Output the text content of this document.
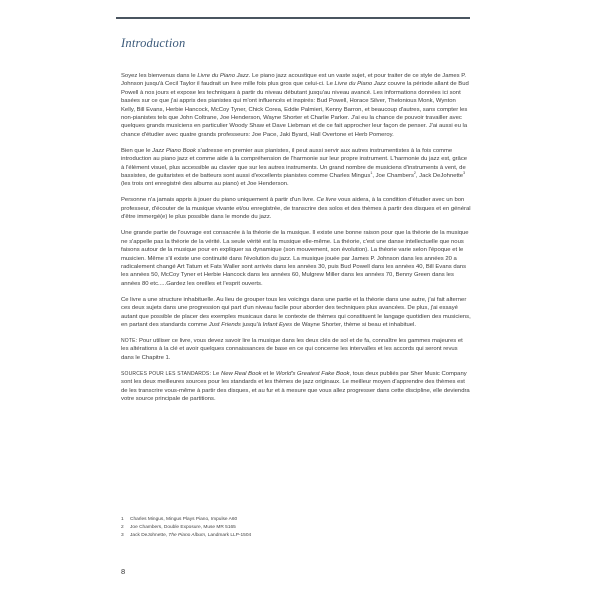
Introduction

Soyez les bienvenus dans le Livre du Piano Jazz. Le piano jazz acoustique est un vaste sujet, et pour traiter de ce style de James P. Johnson jusqu'à Cecil Taylor il faudrait un livre mille fois plus gros que celui-ci. Le Livre du Piano Jazz couvre la période allant de Bud Powell à nos jours et expose les techniques à partir du niveau débutant jusqu'au niveau avancé. Les informations données ici sont basées sur ce que j'ai appris des pianistes qui m'ont influencés et inspirés: Bud Powell, Horace Silver, Thelonious Monk, Wynton Kelly, Bill Evans, Herbie Hancock, McCoy Tyner, Chick Corea, Eddie Palmieri, Kenny Barron, et beaucoup d'autres, sans compter les non-pianistes tels que John Coltrane, Joe Henderson, Wayne Shorter et Charlie Parker. J'ai eu la chance de pouvoir travailler avec quelques grands musiciens en particulier Woody Shaw et Dave Liebman et de ce fait approcher leur façon de penser. J'ai aussi eu la chance d'étudier avec quatre grands professeurs: Joe Pace, Jaki Byard, Hall Overtone et Herb Pomeroy.

Bien que le Jazz Piano Book s'adresse en premier aux pianistes, il peut aussi servir aux autres instrumentistes à la fois comme introduction au piano jazz et comme aide à la compréhension de l'harmonie sur leur propre instrument. L'harmonie du jazz est, grâce à l'élément visuel, plus accessible au clavier que sur les autres instruments. Un grand nombre de musiciens d'instruments à vent, de bassistes, de guitaristes et de batteurs sont aussi d'excellents pianistes comme Charles Mingus$^1$, Joe Chambers$^2$, Jack DeJohnette$^3$ (les trois ont enregistré des albums au piano) et Joe Henderson.

Personne n'a jamais appris à jouer du piano uniquement à partir d'un livre. Ce livre vous aidera, à la condition d'étudier avec un bon professeur, d'écouter de la musique vivante et/ou enregistrée, de transcrire des solos et des thèmes à partir des disques et en général d'être immergé(e) le plus possible dans le monde du jazz.

Une grande partie de l'ouvrage est consacrée à la théorie de la musique. Il existe une bonne raison pour que la théorie de la musique ne s'appelle pas la théorie de la vérité. La seule vérité est la musique elle-même. La théorie, c'est une danse intellectuelle que nous faisons autour de la musique pour en expliquer sa dynamique (son mouvement, son évolution). La théorie varie selon l'époque et le musicien. Même s'il existe une continuité dans l'évolution du jazz. La musique jouée par James P. Johnson dans les années 20 a radicalement changé Art Tatum et Fats Waller sont arrivés dans les années 30, puis Bud Powell dans les années 40, Bill Evans dans les années 50, McCoy Tyner et Herbie Hancock dans les années 60, Mulgrew Miller dans les années 70, Benny Green dans les années 80 etc.....Gardez les oreilles et l'esprit ouverts.

Ce livre a une structure inhabituelle. Au lieu de grouper tous les voicings dans une partie et la théorie dans une autre, j'ai fait alterner ces deux sujets dans une progression qui part d'un niveau facile pour aborder des techniques plus avancées. De plus, j'ai essayé autant que possible de placer des exemples musicaux dans le contexte de thèmes qui constituent le langage quotidien des musiciens, en partant des standards comme Just Friends jusqu'à Infant Eyes de Wayne Shorter, thème si beau et inhabituel.

NOTE: Pour utiliser ce livre, vous devez savoir lire la musique dans les deux clés de sol et de fa, connaître les gammes majeures et les altérations à la clé et avoir quelques connaissances de base en ce qui concerne les intervalles et les accords qui seront revus dans le Chapitre 1.

SOURCES POUR LES STANDARDS: Le New Real Book et le World's Greatest Fake Book, tous deux publiés par Sher Music Company sont les deux meilleures sources pour les standards et les thèmes de jazz originaux. Le meilleur moyen d'apprendre des thèmes est de les transcrire vous-même à partir des disques, et au fur et à mesure que vous allez progresser dans cette discipline, elle deviendra votre source principale de partitions.

1	Charles Mingus, Mingus Plays Piano, Impulse A60
2	Joe Chambers, Double Exposure, Muse MR 5165
3	Jack DeJohnette, The Piano Album, Landmark LLP-1504
8
